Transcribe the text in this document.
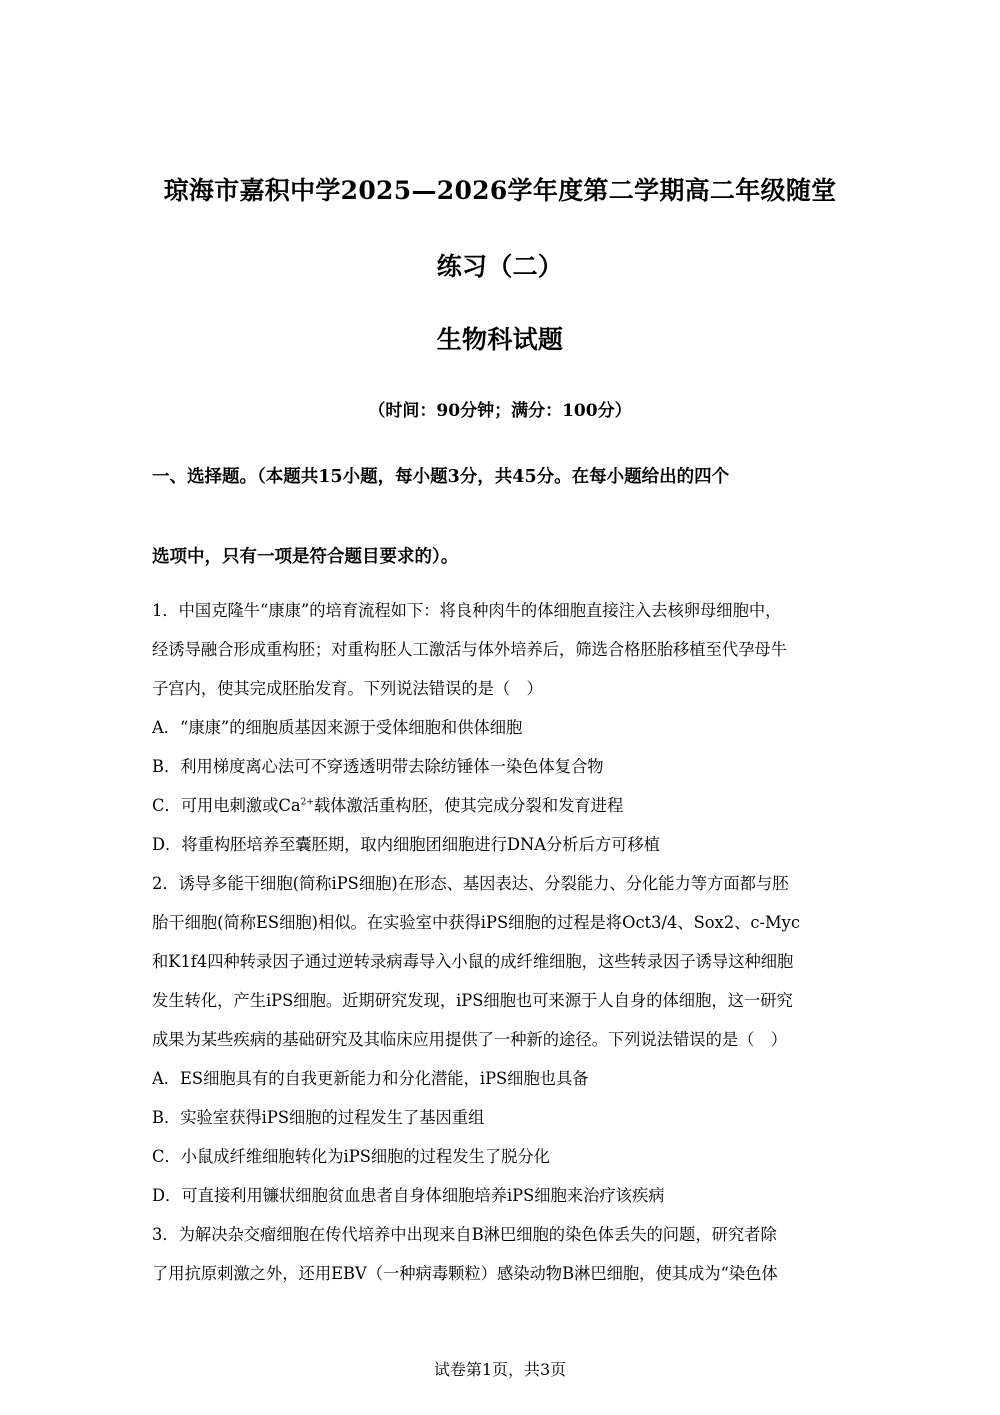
琼海市嘉积中学2025—2026学年度第二学期高二年级随堂
练习（二）
生物科试题
（时间：90分钟；满分：100分）
一、选择题。（本题共15小题，每小题3分，共45分。在每小题给出的四个
选项中，只有一项是符合题目要求的）。
1．中国克隆牛“康康”的培育流程如下：将良种肉牛的体细胞直接注入去核卵母细胞中，
经诱导融合形成重构胚；对重构胚人工激活与体外培养后，筛选合格胚胎移植至代孕母牛
子宫内，使其完成胚胎发育。下列说法错误的是（　）
A．“康康”的细胞质基因来源于受体细胞和供体细胞
B．利用梯度离心法可不穿透透明带去除纺锤体一染色体复合物
C．可用电刺激或$Ca^{2+}$载体激活重构胚，使其完成分裂和发育进程
D．将重构胚培养至囊胚期，取内细胞团细胞进行DNA分析后方可移植
2．诱导多能干细胞(简称iPS细胞)在形态、基因表达、分裂能力、分化能力等方面都与胚
胎干细胞(简称ES细胞)相似。在实验室中获得iPS细胞的过程是将Oct3/4、Sox2、c-Myc
和K1f4四种转录因子通过逆转录病毒导入小鼠的成纤维细胞，这些转录因子诱导这种细胞
发生转化，产生iPS细胞。近期研究发现，iPS细胞也可来源于人自身的体细胞，这一研究
成果为某些疾病的基础研究及其临床应用提供了一种新的途径。下列说法错误的是（　）
A．ES细胞具有的自我更新能力和分化潜能，iPS细胞也具备
B．实验室获得iPS细胞的过程发生了基因重组
C．小鼠成纤维细胞转化为iPS细胞的过程发生了脱分化
D．可直接利用镰状细胞贫血患者自身体细胞培养iPS细胞来治疗该疾病
3．为解决杂交瘤细胞在传代培养中出现来自B淋巴细胞的染色体丢失的问题，研究者除
了用抗原刺激之外，还用EBV（一种病毒颗粒）感染动物B淋巴细胞，使其成为“染色体
试卷第1页，共3页
